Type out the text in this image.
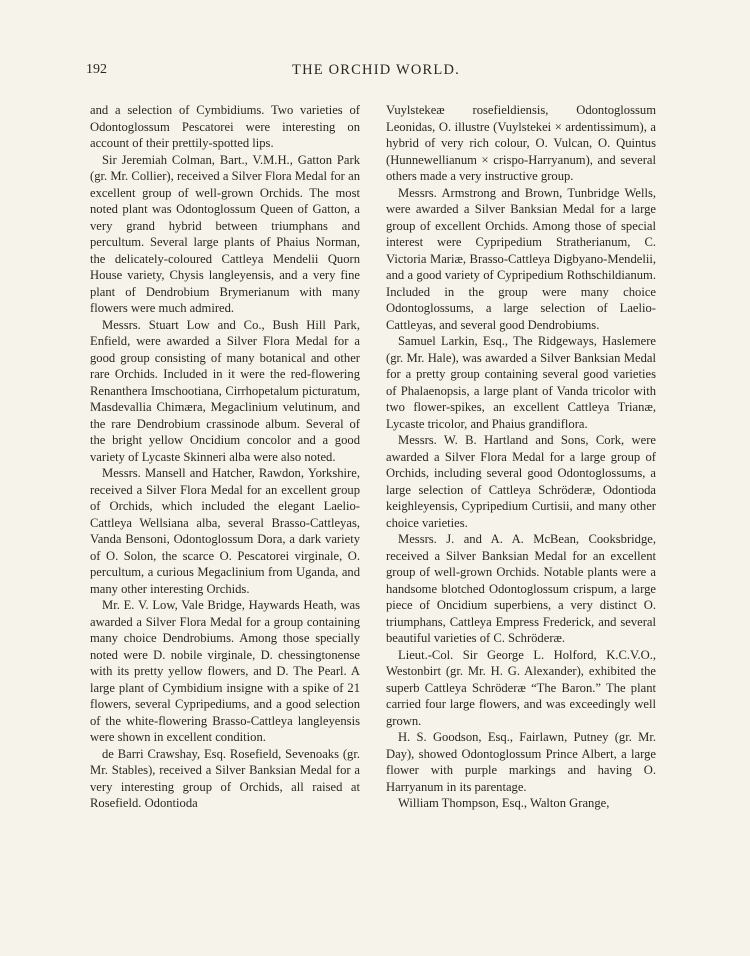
192	THE ORCHID WORLD.

and a selection of Cymbidiums. Two varieties of Odontoglossum Pescatorei were interesting on account of their prettily-spotted lips.

Sir Jeremiah Colman, Bart., V.M.H., Gatton Park (gr. Mr. Collier), received a Silver Flora Medal for an excellent group of well-grown Orchids. The most noted plant was Odontoglossum Queen of Gatton, a very grand hybrid between triumphans and percultum. Several large plants of Phaius Norman, the delicately-coloured Cattleya Mendelii Quorn House variety, Chysis langleyensis, and a very fine plant of Dendrobium Brymerianum with many flowers were much admired.

Messrs. Stuart Low and Co., Bush Hill Park, Enfield, were awarded a Silver Flora Medal for a good group consisting of many botanical and other rare Orchids. Included in it were the red-flowering Renanthera Imschootiana, Cirrhopetalum picturatum, Masdevallia Chimæra, Megaclinium velutinum, and the rare Dendrobium crassinode album. Several of the bright yellow Oncidium concolor and a good variety of Lycaste Skinneri alba were also noted.

Messrs. Mansell and Hatcher, Rawdon, Yorkshire, received a Silver Flora Medal for an excellent group of Orchids, which included the elegant Laelio-Cattleya Wellsiana alba, several Brasso-Cattleyas, Vanda Bensoni, Odontoglossum Dora, a dark variety of O. Solon, the scarce O. Pescatorei virginale, O. percultum, a curious Megaclinium from Uganda, and many other interesting Orchids.

Mr. E. V. Low, Vale Bridge, Haywards Heath, was awarded a Silver Flora Medal for a group containing many choice Dendrobiums. Among those specially noted were D. nobile virginale, D. chessingtonense with its pretty yellow flowers, and D. The Pearl. A large plant of Cymbidium insigne with a spike of 21 flowers, several Cypripediums, and a good selection of the white-flowering Brasso-Cattleya langleyensis were shown in excellent condition.

de Barri Crawshay, Esq. Rosefield, Sevenoaks (gr. Mr. Stables), received a Silver Banksian Medal for a very interesting group of Orchids, all raised at Rosefield. Odontioda

Vuylstekeæ rosefieldiensis, Odontoglossum Leonidas, O. illustre (Vuylstekei × ardentissimum), a hybrid of very rich colour, O. Vulcan, O. Quintus (Hunnewellianum × crispo-Harryanum), and several others made a very instructive group.

Messrs. Armstrong and Brown, Tunbridge Wells, were awarded a Silver Banksian Medal for a large group of excellent Orchids. Among those of special interest were Cypripedium Stratherianum, C. Victoria Mariæ, Brasso-Cattleya Digbyano-Mendelii, and a good variety of Cypripedium Rothschildianum. Included in the group were many choice Odontoglossums, a large selection of Laelio-Cattleyas, and several good Dendrobiums.

Samuel Larkin, Esq., The Ridgeways, Haslemere (gr. Mr. Hale), was awarded a Silver Banksian Medal for a pretty group containing several good varieties of Phalaenopsis, a large plant of Vanda tricolor with two flower-spikes, an excellent Cattleya Trianæ, Lycaste tricolor, and Phaius grandiflora.

Messrs. W. B. Hartland and Sons, Cork, were awarded a Silver Flora Medal for a large group of Orchids, including several good Odontoglossums, a large selection of Cattleya Schröderæ, Odontioda keighleyensis, Cypripedium Curtisii, and many other choice varieties.

Messrs. J. and A. A. McBean, Cooksbridge, received a Silver Banksian Medal for an excellent group of well-grown Orchids. Notable plants were a handsome blotched Odontoglossum crispum, a large piece of Oncidium superbiens, a very distinct O. triumphans, Cattleya Empress Frederick, and several beautiful varieties of C. Schröderæ.

Lieut.-Col. Sir George L. Holford, K.C.V.O., Westonbirt (gr. Mr. H. G. Alexander), exhibited the superb Cattleya Schröderæ “The Baron.” The plant carried four large flowers, and was exceedingly well grown.

H. S. Goodson, Esq., Fairlawn, Putney (gr. Mr. Day), showed Odontoglossum Prince Albert, a large flower with purple markings and having O. Harryanum in its parentage.

William Thompson, Esq., Walton Grange,
